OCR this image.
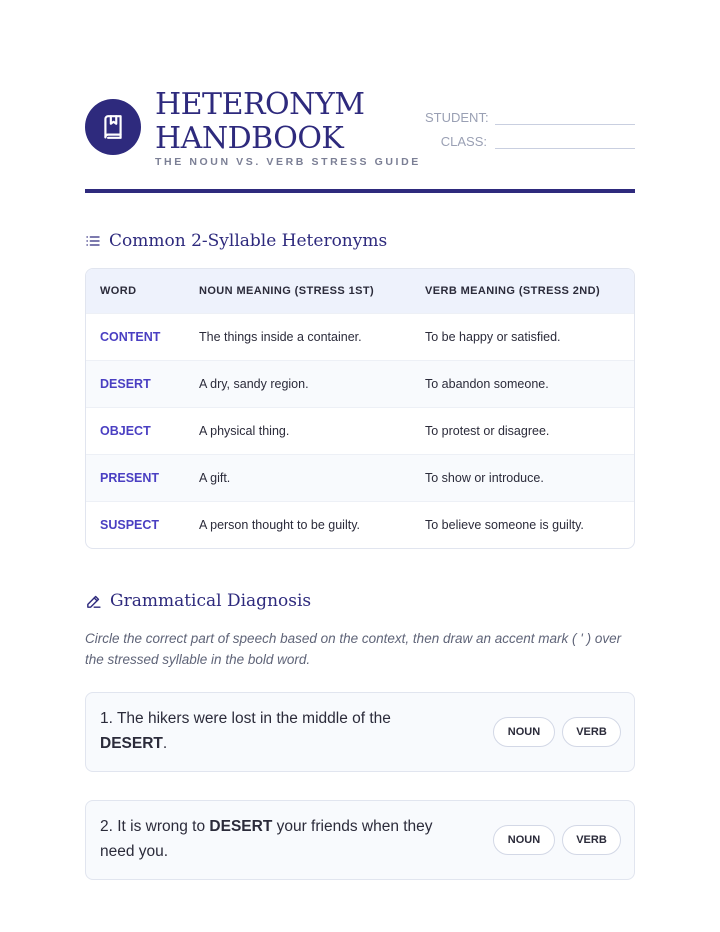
HETERONYM
HANDBOOK
THE NOUN VS. VERB STRESS GUIDE
STUDENT:
CLASS:
Common 2-Syllable Heteronyms
WORD	NOUN MEANING (STRESS 1ST)	VERB MEANING (STRESS 2ND)
CONTENT	The things inside a container.	To be happy or satisfied.
DESERT	A dry, sandy region.	To abandon someone.
OBJECT	A physical thing.	To protest or disagree.
PRESENT	A gift.	To show or introduce.
SUSPECT	A person thought to be guilty.	To believe someone is guilty.
Grammatical Diagnosis
Circle the correct part of speech based on the context, then draw an accent mark ( ' ) over the stressed syllable in the bold word.
1. The hikers were lost in the middle of the DESERT.
NOUN	VERB
2. It is wrong to DESERT your friends when they need you.
NOUN	VERB
